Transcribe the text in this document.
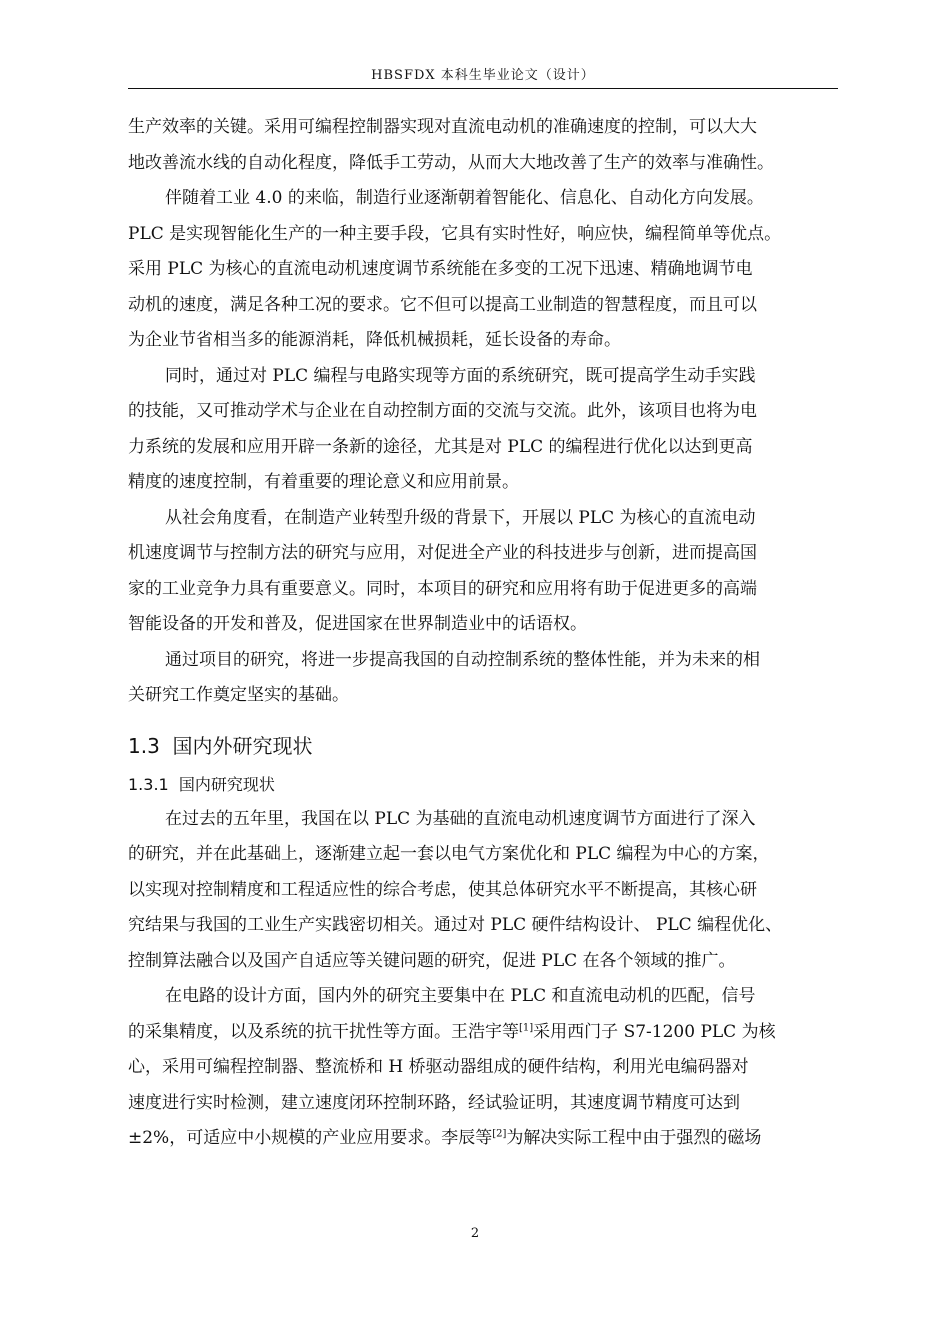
HBSFDX 本科生毕业论文（设计）

生产效率的关键。采用可编程控制器实现对直流电动机的准确速度的控制，可以大大
地改善流水线的自动化程度，降低手工劳动，从而大大地改善了生产的效率与准确性。

伴随着工业 4.0 的来临，制造行业逐渐朝着智能化、信息化、自动化方向发展。
PLC 是实现智能化生产的一种主要手段，它具有实时性好，响应快，编程简单等优点。
采用 PLC 为核心的直流电动机速度调节系统能在多变的工况下迅速、精确地调节电
动机的速度，满足各种工况的要求。它不但可以提高工业制造的智慧程度，而且可以
为企业节省相当多的能源消耗，降低机械损耗，延长设备的寿命。

同时，通过对 PLC 编程与电路实现等方面的系统研究，既可提高学生动手实践
的技能，又可推动学术与企业在自动控制方面的交流与交流。此外，该项目也将为电
力系统的发展和应用开辟一条新的途径，尤其是对 PLC 的编程进行优化以达到更高
精度的速度控制，有着重要的理论意义和应用前景。

从社会角度看，在制造产业转型升级的背景下，开展以 PLC 为核心的直流电动
机速度调节与控制方法的研究与应用，对促进全产业的科技进步与创新，进而提高国
家的工业竞争力具有重要意义。同时，本项目的研究和应用将有助于促进更多的高端
智能设备的开发和普及，促进国家在世界制造业中的话语权。

通过项目的研究，将进一步提高我国的自动控制系统的整体性能，并为未来的相
关研究工作奠定坚实的基础。

1.3 国内外研究现状
1.3.1 国内研究现状

在过去的五年里，我国在以 PLC 为基础的直流电动机速度调节方面进行了深入
的研究，并在此基础上，逐渐建立起一套以电气方案优化和 PLC 编程为中心的方案，
以实现对控制精度和工程适应性的综合考虑，使其总体研究水平不断提高，其核心研
究结果与我国的工业生产实践密切相关。通过对 PLC 硬件结构设计、 PLC 编程优化、
控制算法融合以及国产自适应等关键问题的研究，促进 PLC 在各个领域的推广。

在电路的设计方面，国内外的研究主要集中在 PLC 和直流电动机的匹配，信号
的采集精度，以及系统的抗干扰性等方面。王浩宇等[1]采用西门子 S7-1200 PLC 为核
心，采用可编程控制器、整流桥和 H 桥驱动器组成的硬件结构，利用光电编码器对
速度进行实时检测，建立速度闭环控制环路，经试验证明，其速度调节精度可达到
±2%，可适应中小规模的产业应用要求。李辰等[2]为解决实际工程中由于强烈的磁场

2
